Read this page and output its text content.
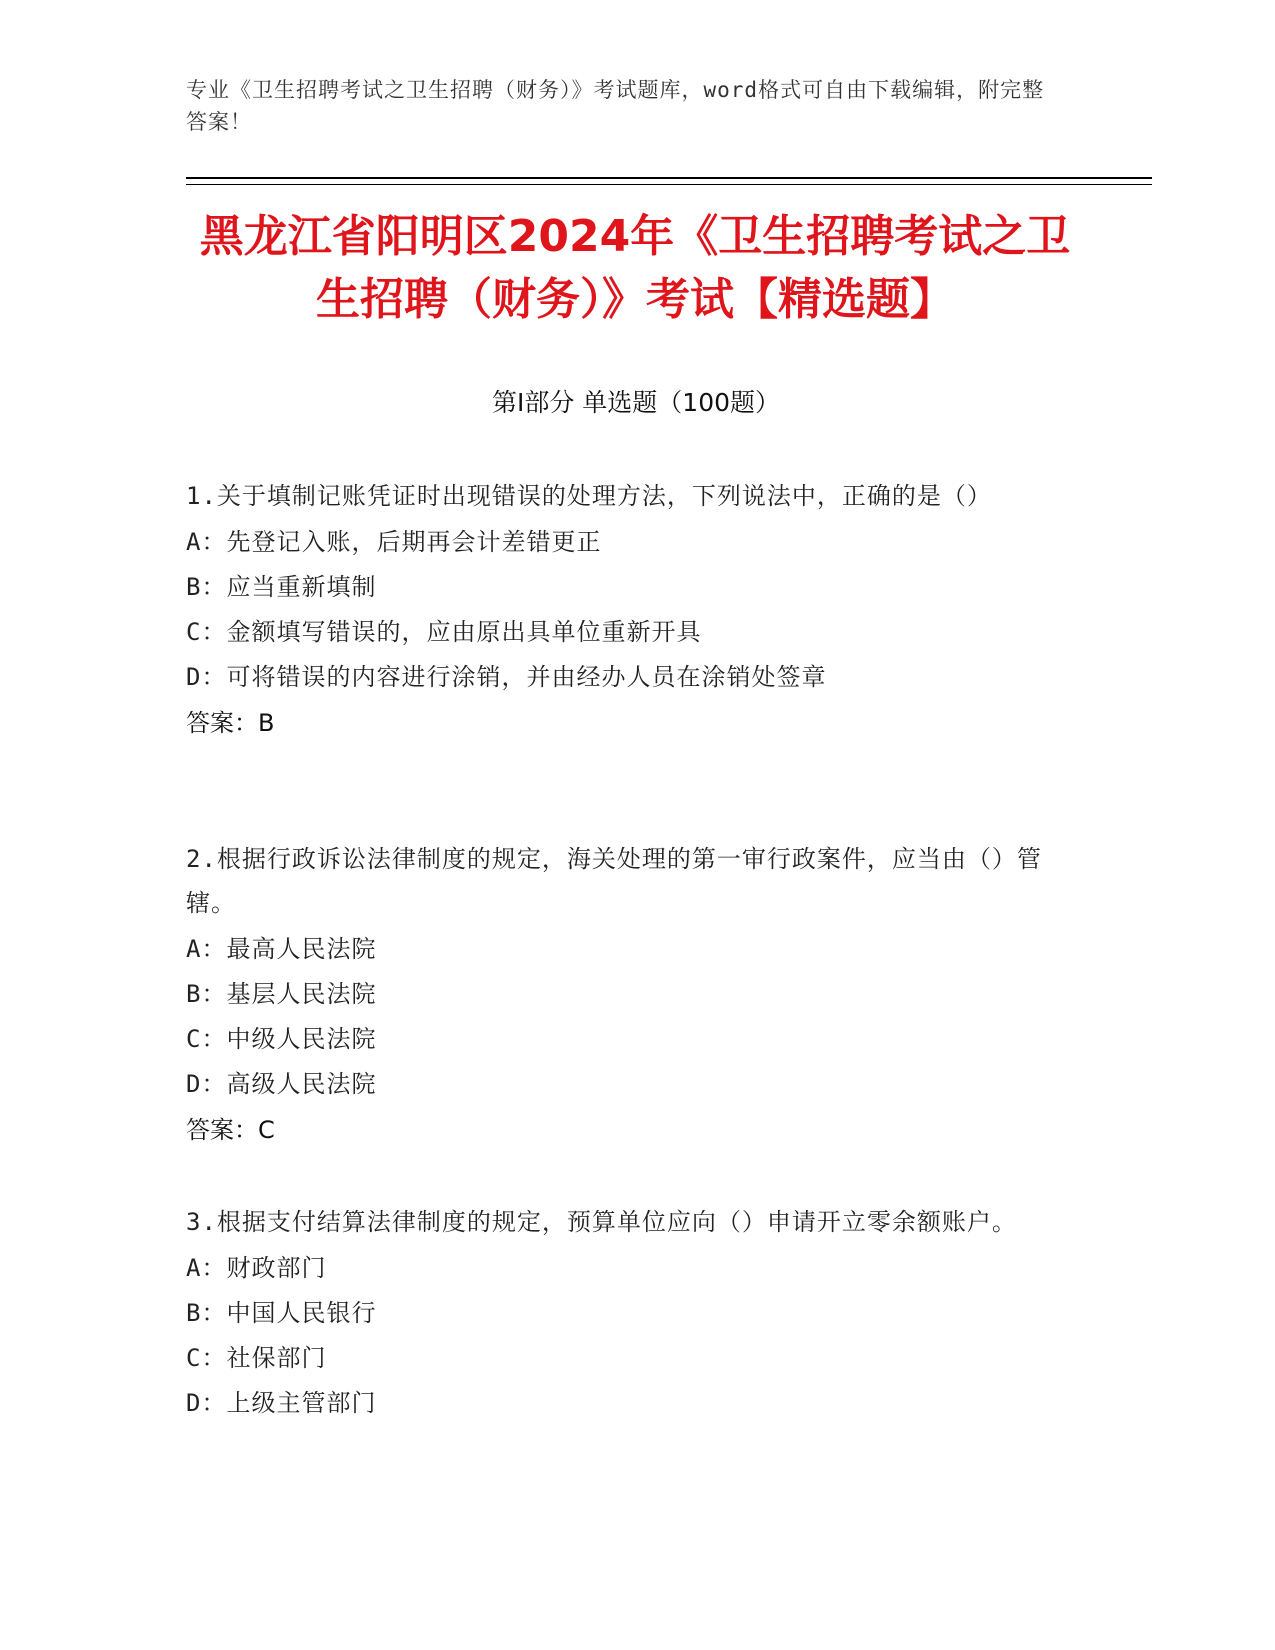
专业《卫生招聘考试之卫生招聘（财务）》考试题库，word格式可自由下载编辑，附完整答案！
黑龙江省阳明区2024年《卫生招聘考试之卫生招聘（财务）》考试【精选题】
第I部分 单选题（100题）
1.关于填制记账凭证时出现错误的处理方法，下列说法中，正确的是（）
A：先登记入账，后期再会计差错更正
B：应当重新填制
C：金额填写错误的，应由原出具单位重新开具
D：可将错误的内容进行涂销，并由经办人员在涂销处签章
答案：B
2.根据行政诉讼法律制度的规定，海关处理的第一审行政案件，应当由（）管辖。
A：最高人民法院
B：基层人民法院
C：中级人民法院
D：高级人民法院
答案：C
3.根据支付结算法律制度的规定，预算单位应向（）申请开立零余额账户。
A：财政部门
B：中国人民银行
C：社保部门
D：上级主管部门
